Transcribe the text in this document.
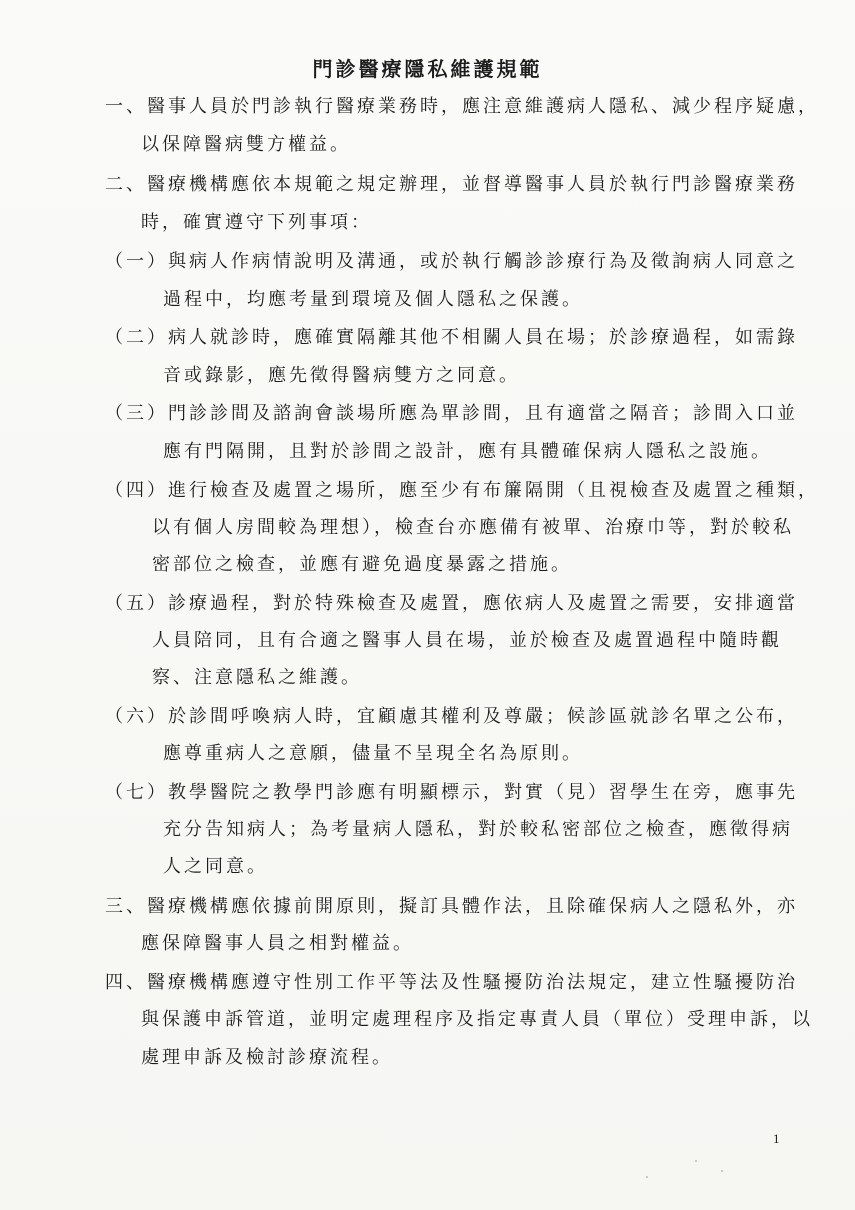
門診醫療隱私維護規範
一、醫事人員於門診執行醫療業務時，應注意維護病人隱私、減少程序疑慮，
以保障醫病雙方權益。
二、醫療機構應依本規範之規定辦理，並督導醫事人員於執行門診醫療業務
時，確實遵守下列事項：
（一）與病人作病情說明及溝通，或於執行觸診診療行為及徵詢病人同意之
過程中，均應考量到環境及個人隱私之保護。
（二）病人就診時，應確實隔離其他不相關人員在場；於診療過程，如需錄
音或錄影，應先徵得醫病雙方之同意。
（三）門診診間及諮詢會談場所應為單診間，且有適當之隔音；診間入口並
應有門隔開，且對於診間之設計，應有具體確保病人隱私之設施。
（四）進行檢查及處置之場所，應至少有布簾隔開（且視檢查及處置之種類，
以有個人房間較為理想），檢查台亦應備有被單、治療巾等，對於較私
密部位之檢查，並應有避免過度暴露之措施。
（五）診療過程，對於特殊檢查及處置，應依病人及處置之需要，安排適當
人員陪同，且有合適之醫事人員在場，並於檢查及處置過程中隨時觀
察、注意隱私之維護。
（六）於診間呼喚病人時，宜顧慮其權利及尊嚴；候診區就診名單之公布，
應尊重病人之意願，儘量不呈現全名為原則。
（七）教學醫院之教學門診應有明顯標示，對實（見）習學生在旁，應事先
充分告知病人；為考量病人隱私，對於較私密部位之檢查，應徵得病
人之同意。
三、醫療機構應依據前開原則，擬訂具體作法，且除確保病人之隱私外，亦
應保障醫事人員之相對權益。
四、醫療機構應遵守性別工作平等法及性騷擾防治法規定，建立性騷擾防治
與保護申訴管道，並明定處理程序及指定專責人員（單位）受理申訴，以
處理申訴及檢討診療流程。
1
